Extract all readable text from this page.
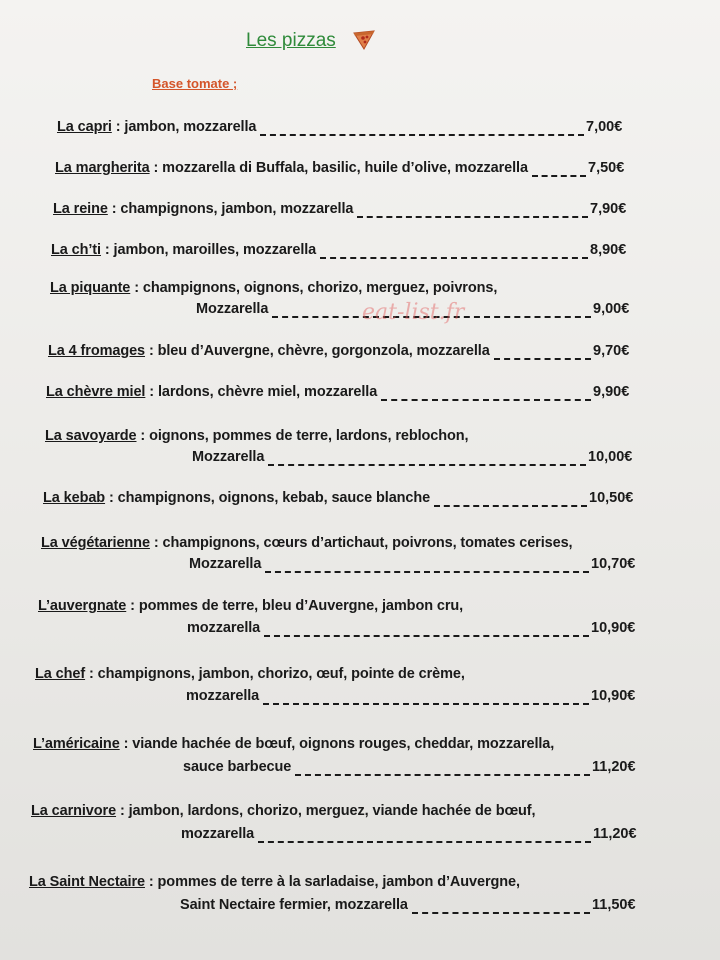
Les pizzas
Base tomate ;
La capri : jambon, mozzarella	7,00€
La margherita : mozzarella di Buffala, basilic, huile d’olive, mozzarella	7,50€
La reine : champignons, jambon, mozzarella	7,90€
La ch’ti : jambon, maroilles, mozzarella	8,90€
La piquante : champignons, oignons, chorizo, merguez, poivrons,
Mozzarella	9,00€
La 4 fromages : bleu d’Auvergne, chèvre, gorgonzola, mozzarella	9,70€
La chèvre miel : lardons, chèvre miel, mozzarella	9,90€
La savoyarde : oignons, pommes de terre, lardons, reblochon,
Mozzarella	10,00€
La kebab : champignons, oignons, kebab, sauce blanche	10,50€
La végétarienne : champignons, cœurs d’artichaut, poivrons, tomates cerises,
Mozzarella	10,70€
L’auvergnate : pommes de terre, bleu d’Auvergne, jambon cru,
mozzarella	10,90€
La chef : champignons, jambon, chorizo, œuf, pointe de crème,
mozzarella	10,90€
L’américaine : viande hachée de bœuf, oignons rouges, cheddar, mozzarella,
sauce barbecue	11,20€
La carnivore : jambon, lardons, chorizo, merguez, viande hachée de bœuf,
mozzarella	11,20€
La Saint Nectaire : pommes de terre à la sarladaise, jambon d’Auvergne,
Saint Nectaire fermier, mozzarella	11,50€
eat-list.fr
